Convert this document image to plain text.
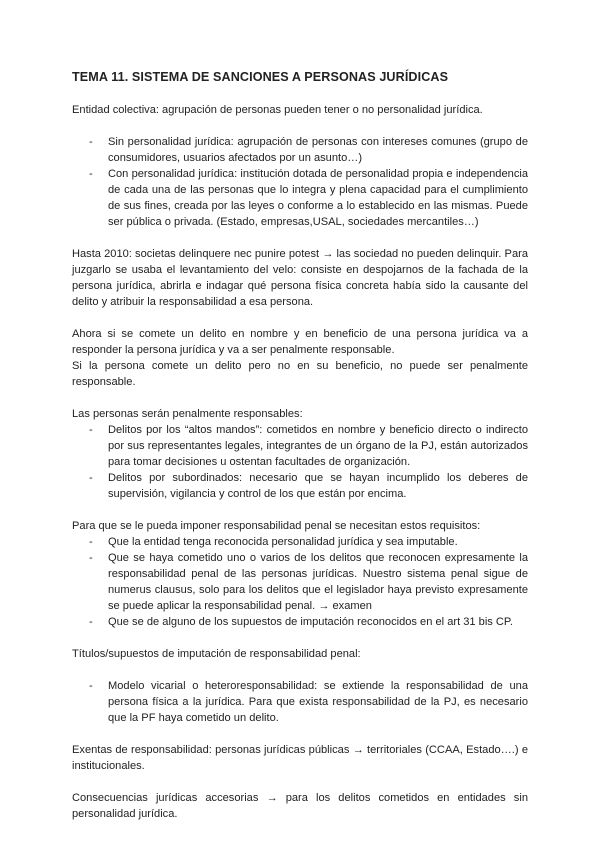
TEMA 11. SISTEMA DE SANCIONES A PERSONAS JURÍDICAS

Entidad colectiva: agrupación de personas pueden tener o no personalidad jurídica.

- Sin personalidad jurídica: agrupación de personas con intereses comunes (grupo de consumidores, usuarios afectados por un asunto…)
- Con personalidad jurídica: institución dotada de personalidad propia e independencia de cada una de las personas que lo integra y plena capacidad para el cumplimiento de sus fines, creada por las leyes o conforme a lo establecido en las mismas. Puede ser pública o privada. (Estado, empresas,USAL, sociedades mercantiles…)

Hasta 2010: societas delinquere nec punire potest → las sociedad no pueden delinquir. Para juzgarlo se usaba el levantamiento del velo: consiste en despojarnos de la fachada de la persona jurídica, abrirla e indagar qué persona física concreta había sido la causante del delito y atribuir la responsabilidad a esa persona.

Ahora si se comete un delito en nombre y en beneficio de una persona jurídica va a responder la persona jurídica y va a ser penalmente responsable.

Si la persona comete un delito pero no en su beneficio, no puede ser penalmente responsable.

Las personas serán penalmente responsables:

- Delitos por los “altos mandos”: cometidos en nombre y beneficio directo o indirecto por sus representantes legales, integrantes de un órgano de la PJ, están autorizados para tomar decisiones u ostentan facultades de organización.
- Delitos por subordinados: necesario que se hayan incumplido los deberes de supervisión, vigilancia y control de los que están por encima.

Para que se le pueda imponer responsabilidad penal se necesitan estos requisitos:

- Que la entidad tenga reconocida personalidad jurídica y sea imputable.
- Que se haya cometido uno o varios de los delitos que reconocen expresamente la responsabilidad penal de las personas jurídicas. Nuestro sistema penal sigue de numerus clausus, solo para los delitos que el legislador haya previsto expresamente se puede aplicar la responsabilidad penal. → examen
- Que se de alguno de los supuestos de imputación reconocidos en el art 31 bis CP.

Títulos/supuestos de imputación de responsabilidad penal:

- Modelo vicarial o heteroresponsabilidad: se extiende la responsabilidad de una persona física a la jurídica. Para que exista responsabilidad de la PJ, es necesario que la PF haya cometido un delito.

Exentas de responsabilidad: personas jurídicas públicas → territoriales (CCAA, Estado….) e institucionales.

Consecuencias jurídicas accesorias → para los delitos cometidos en entidades sin personalidad jurídica.
